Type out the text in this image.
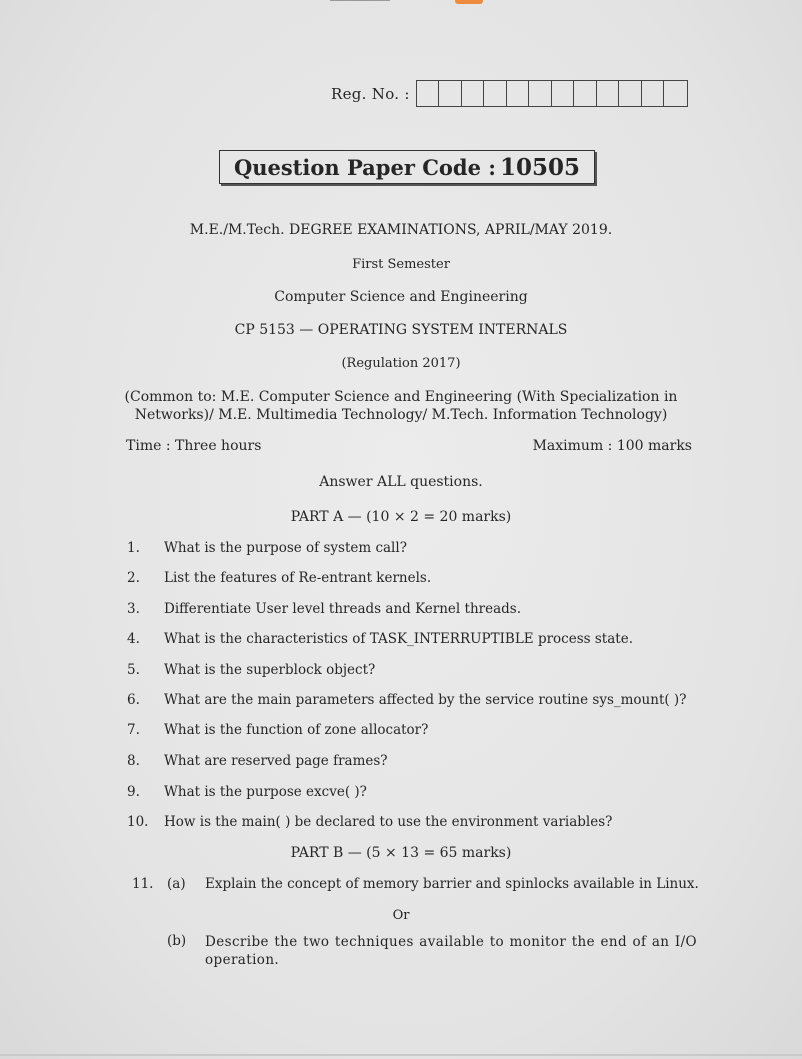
Reg. No. :
Question Paper Code : 10505
M.E./M.Tech. DEGREE EXAMINATIONS, APRIL/MAY 2019.
First Semester
Computer Science and Engineering
CP 5153 — OPERATING SYSTEM INTERNALS
(Regulation 2017)
(Common to: M.E. Computer Science and Engineering (With Specialization in
Networks)/ M.E. Multimedia Technology/ M.Tech. Information Technology)
Time : Three hours	Maximum : 100 marks
Answer ALL questions.
PART A — (10 × 2 = 20 marks)
1. What is the purpose of system call?
2. List the features of Re-entrant kernels.
3. Differentiate User level threads and Kernel threads.
4. What is the characteristics of TASK_INTERRUPTIBLE process state.
5. What is the superblock object?
6. What are the main parameters affected by the service routine sys_mount( )?
7. What is the function of zone allocator?
8. What are reserved page frames?
9. What is the purpose excve( )?
10. How is the main( ) be declared to use the environment variables?
PART B — (5 × 13 = 65 marks)
11. (a) Explain the concept of memory barrier and spinlocks available in Linux.
Or
(b) Describe the two techniques available to monitor the end of an I/O operation.
